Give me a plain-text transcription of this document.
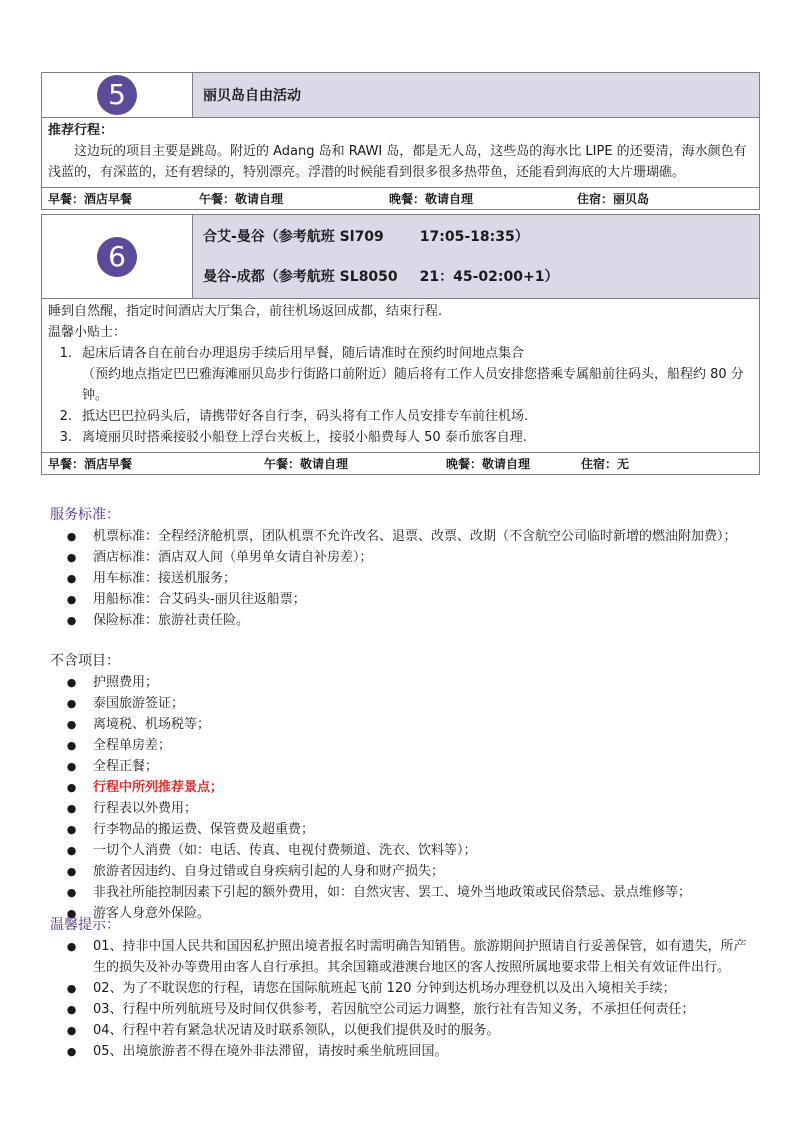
5	丽贝岛自由活动

推荐行程：
这边玩的项目主要是跳岛。附近的 Adang 岛和 RAWI 岛，都是无人岛，这些岛的海水比 LIPE 的还要清，海水颜色有浅蓝的，有深蓝的，还有碧绿的，特别漂亮。浮潜的时候能看到很多很多热带鱼，还能看到海底的大片珊瑚礁。

早餐：酒店早餐	午餐：敬请自理	晚餐：敬请自理	住宿：丽贝岛
6	
合艾-曼谷（参考航班 Sl709	17:05-18:35）
曼谷-成都（参考航班 SL8050 21：45-02:00+1）

睡到自然醒，指定时间酒店大厅集合，前往机场返回成都，结束行程.
温馨小贴士：
1. 起床后请各自在前台办理退房手续后用早餐，随后请准时在预约时间地点集合
（预约地点指定巴巴雅海滩丽贝岛步行街路口前附近）随后将有工作人员安排您搭乘专属船前往码头，船程约 80 分钟。
2. 抵达巴巴拉码头后，请携带好各自行李，码头将有工作人员安排专车前往机场.
3. 离境丽贝时搭乘接驳小船登上浮台夹板上，接驳小船费每人 50 泰币旅客自理.

早餐：酒店早餐	午餐：敬请自理	晚餐：敬请自理	住宿：无
服务标准：
●	机票标准：全程经济舱机票，团队机票不允许改名、退票、改票、改期（不含航空公司临时新增的燃油附加费）；
●	酒店标准：酒店双人间（单男单女请自补房差）；
●	用车标准：接送机服务；
●	用船标准：合艾码头-丽贝往返船票；
●	保险标准：旅游社责任险。
不含项目：
●	护照费用；
●	泰国旅游签证；
●	离境税、机场税等；
●	全程单房差；
●	全程正餐；
●	行程中所列推荐景点；
●	行程表以外费用；
●	行李物品的搬运费、保管费及超重费；
●	一切个人消费（如：电话、传真、电视付费频道、洗衣、饮料等）；
●	旅游者因违约、自身过错或自身疾病引起的人身和财产损失；
●	非我社所能控制因素下引起的额外费用，如：自然灾害、罢工、境外当地政策或民俗禁忌、景点维修等；
●	游客人身意外保险。
温馨提示：
●	01、持非中国人民共和国因私护照出境者报名时需明确告知销售。旅游期间护照请自行妥善保管，如有遗失，所产生的损失及补办等费用由客人自行承担。其余国籍或港澳台地区的客人按照所属地要求带上相关有效证件出行。
●	02、为了不耽误您的行程，请您在国际航班起飞前 120 分钟到达机场办理登机以及出入境相关手续；
●	03、行程中所列航班号及时间仅供参考，若因航空公司运力调整，旅行社有告知义务，不承担任何责任；
●	04、行程中若有紧急状况请及时联系领队，以便我们提供及时的服务。
●	05、出境旅游者不得在境外非法滞留，请按时乘坐航班回国。
